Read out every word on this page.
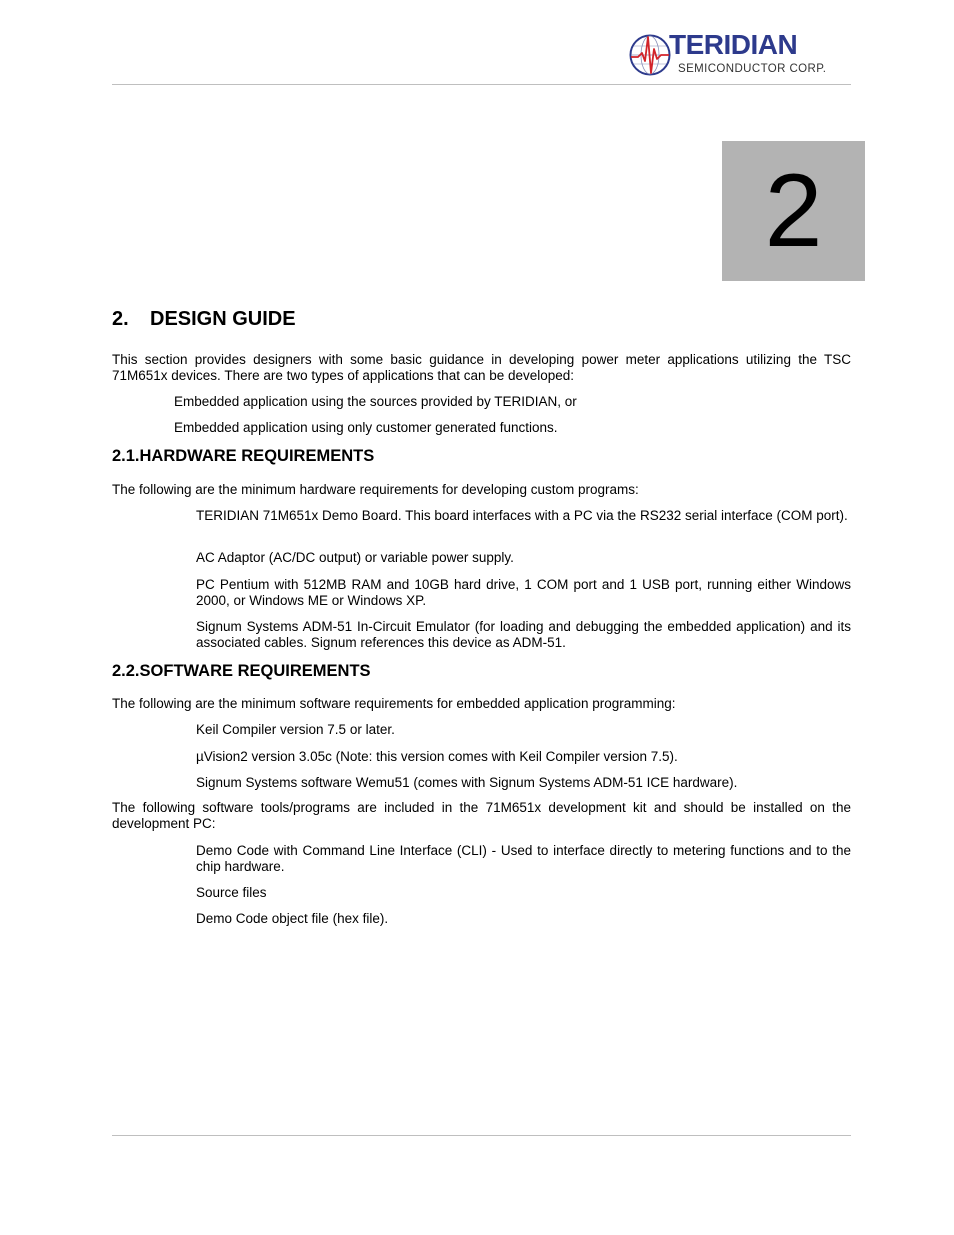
TERIDIAN
SEMICONDUCTOR CORP.
2
2. DESIGN GUIDE
This section provides designers with some basic guidance in developing power meter applications utilizing the TSC 71M651x devices. There are two types of applications that can be developed:
Embedded application using the sources provided by TERIDIAN, or
Embedded application using only customer generated functions.
2.1.HARDWARE REQUIREMENTS
The following are the minimum hardware requirements for developing custom programs:
TERIDIAN 71M651x Demo Board. This board interfaces with a PC via the RS232 serial interface (COM port).
AC Adaptor (AC/DC output) or variable power supply.
PC Pentium with 512MB RAM and 10GB hard drive, 1 COM port and 1 USB port, running either Windows 2000, or Windows ME or Windows XP.
Signum Systems ADM-51 In-Circuit Emulator (for loading and debugging the embedded application) and its associated cables. Signum references this device as ADM-51.
2.2.SOFTWARE REQUIREMENTS
The following are the minimum software requirements for embedded application programming:
Keil Compiler version 7.5 or later.
µVision2 version 3.05c (Note: this version comes with Keil Compiler version 7.5).
Signum Systems software Wemu51 (comes with Signum Systems ADM-51 ICE hardware).
The following software tools/programs are included in the 71M651x development kit and should be installed on the development PC:
Demo Code with Command Line Interface (CLI) - Used to interface directly to metering functions and to the chip hardware.
Source files
Demo Code object file (hex file).
